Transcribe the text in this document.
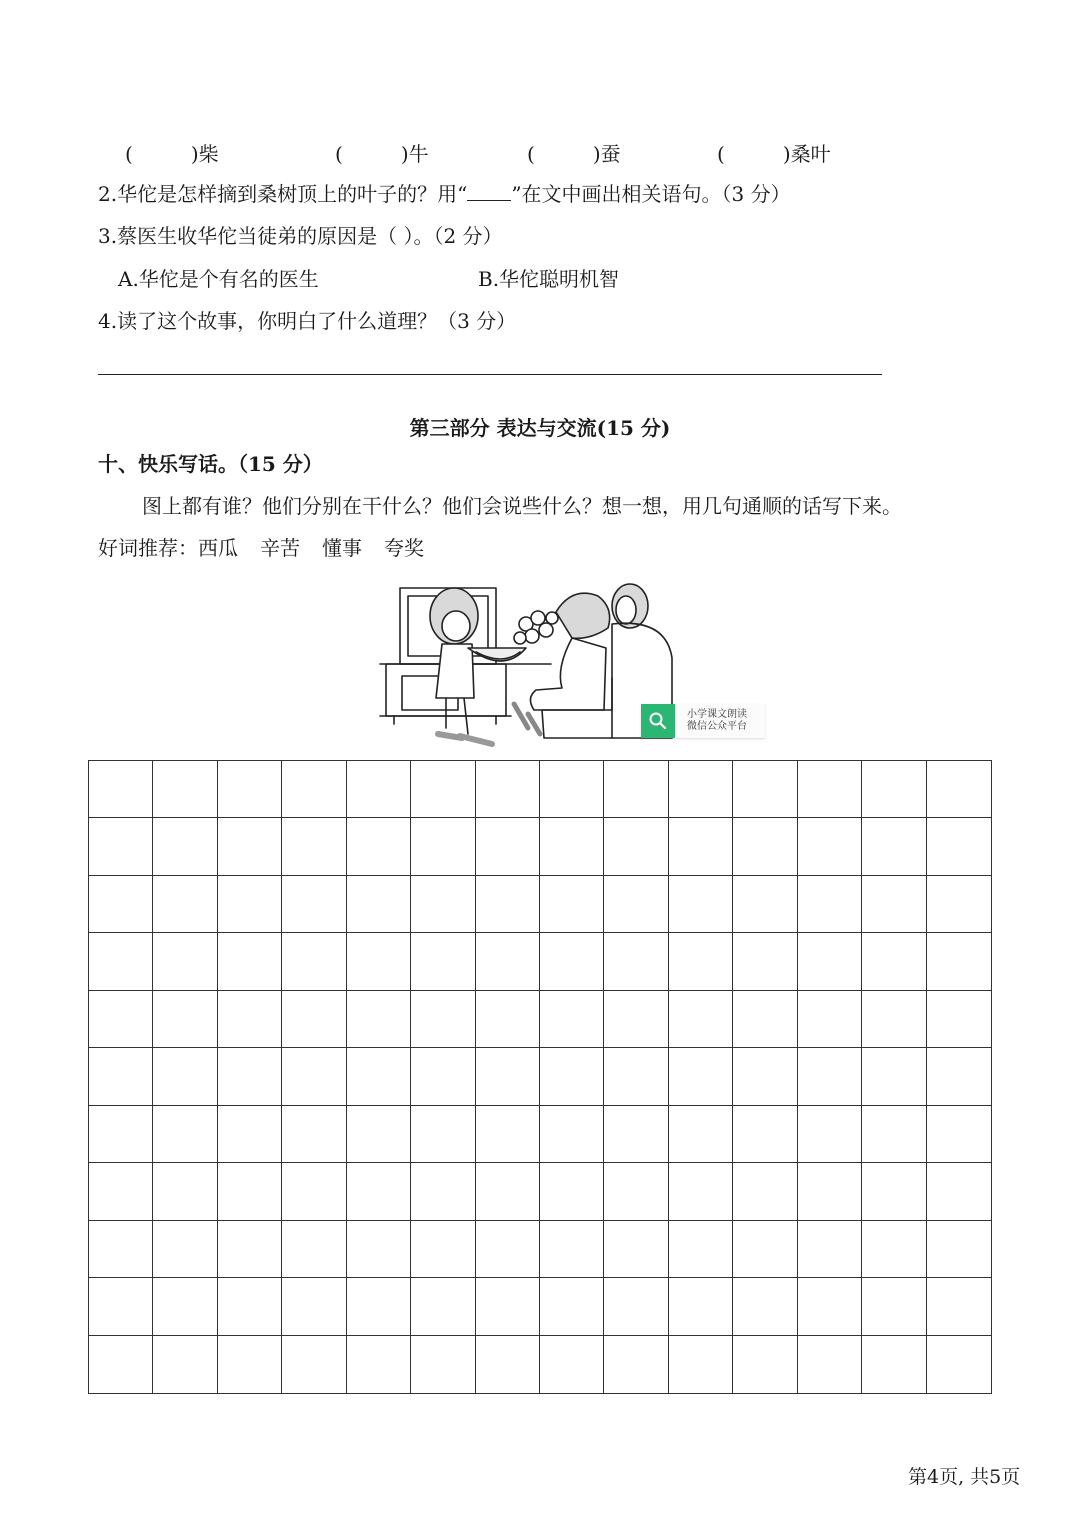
(	)柴	(	)牛	(	)蚕	(	)桑叶
2.华佗是怎样摘到桑树顶上的叶子的？用“ ”在文中画出相关语句。（3 分）
3.蔡医生收华佗当徒弟的原因是（ ）。（2 分）
A.华佗是个有名的医生	B.华佗聪明机智
4.读了这个故事，你明白了什么道理？（3 分）
第三部分 表达与交流(15 分)
十、快乐写话。（15 分）
图上都有谁？他们分别在干什么？他们会说些什么？想一想，用几句通顺的话写下来。
好词推荐：西瓜 辛苦 懂事 夸奖
小学课文朗读
微信公众平台
第4页, 共5页
